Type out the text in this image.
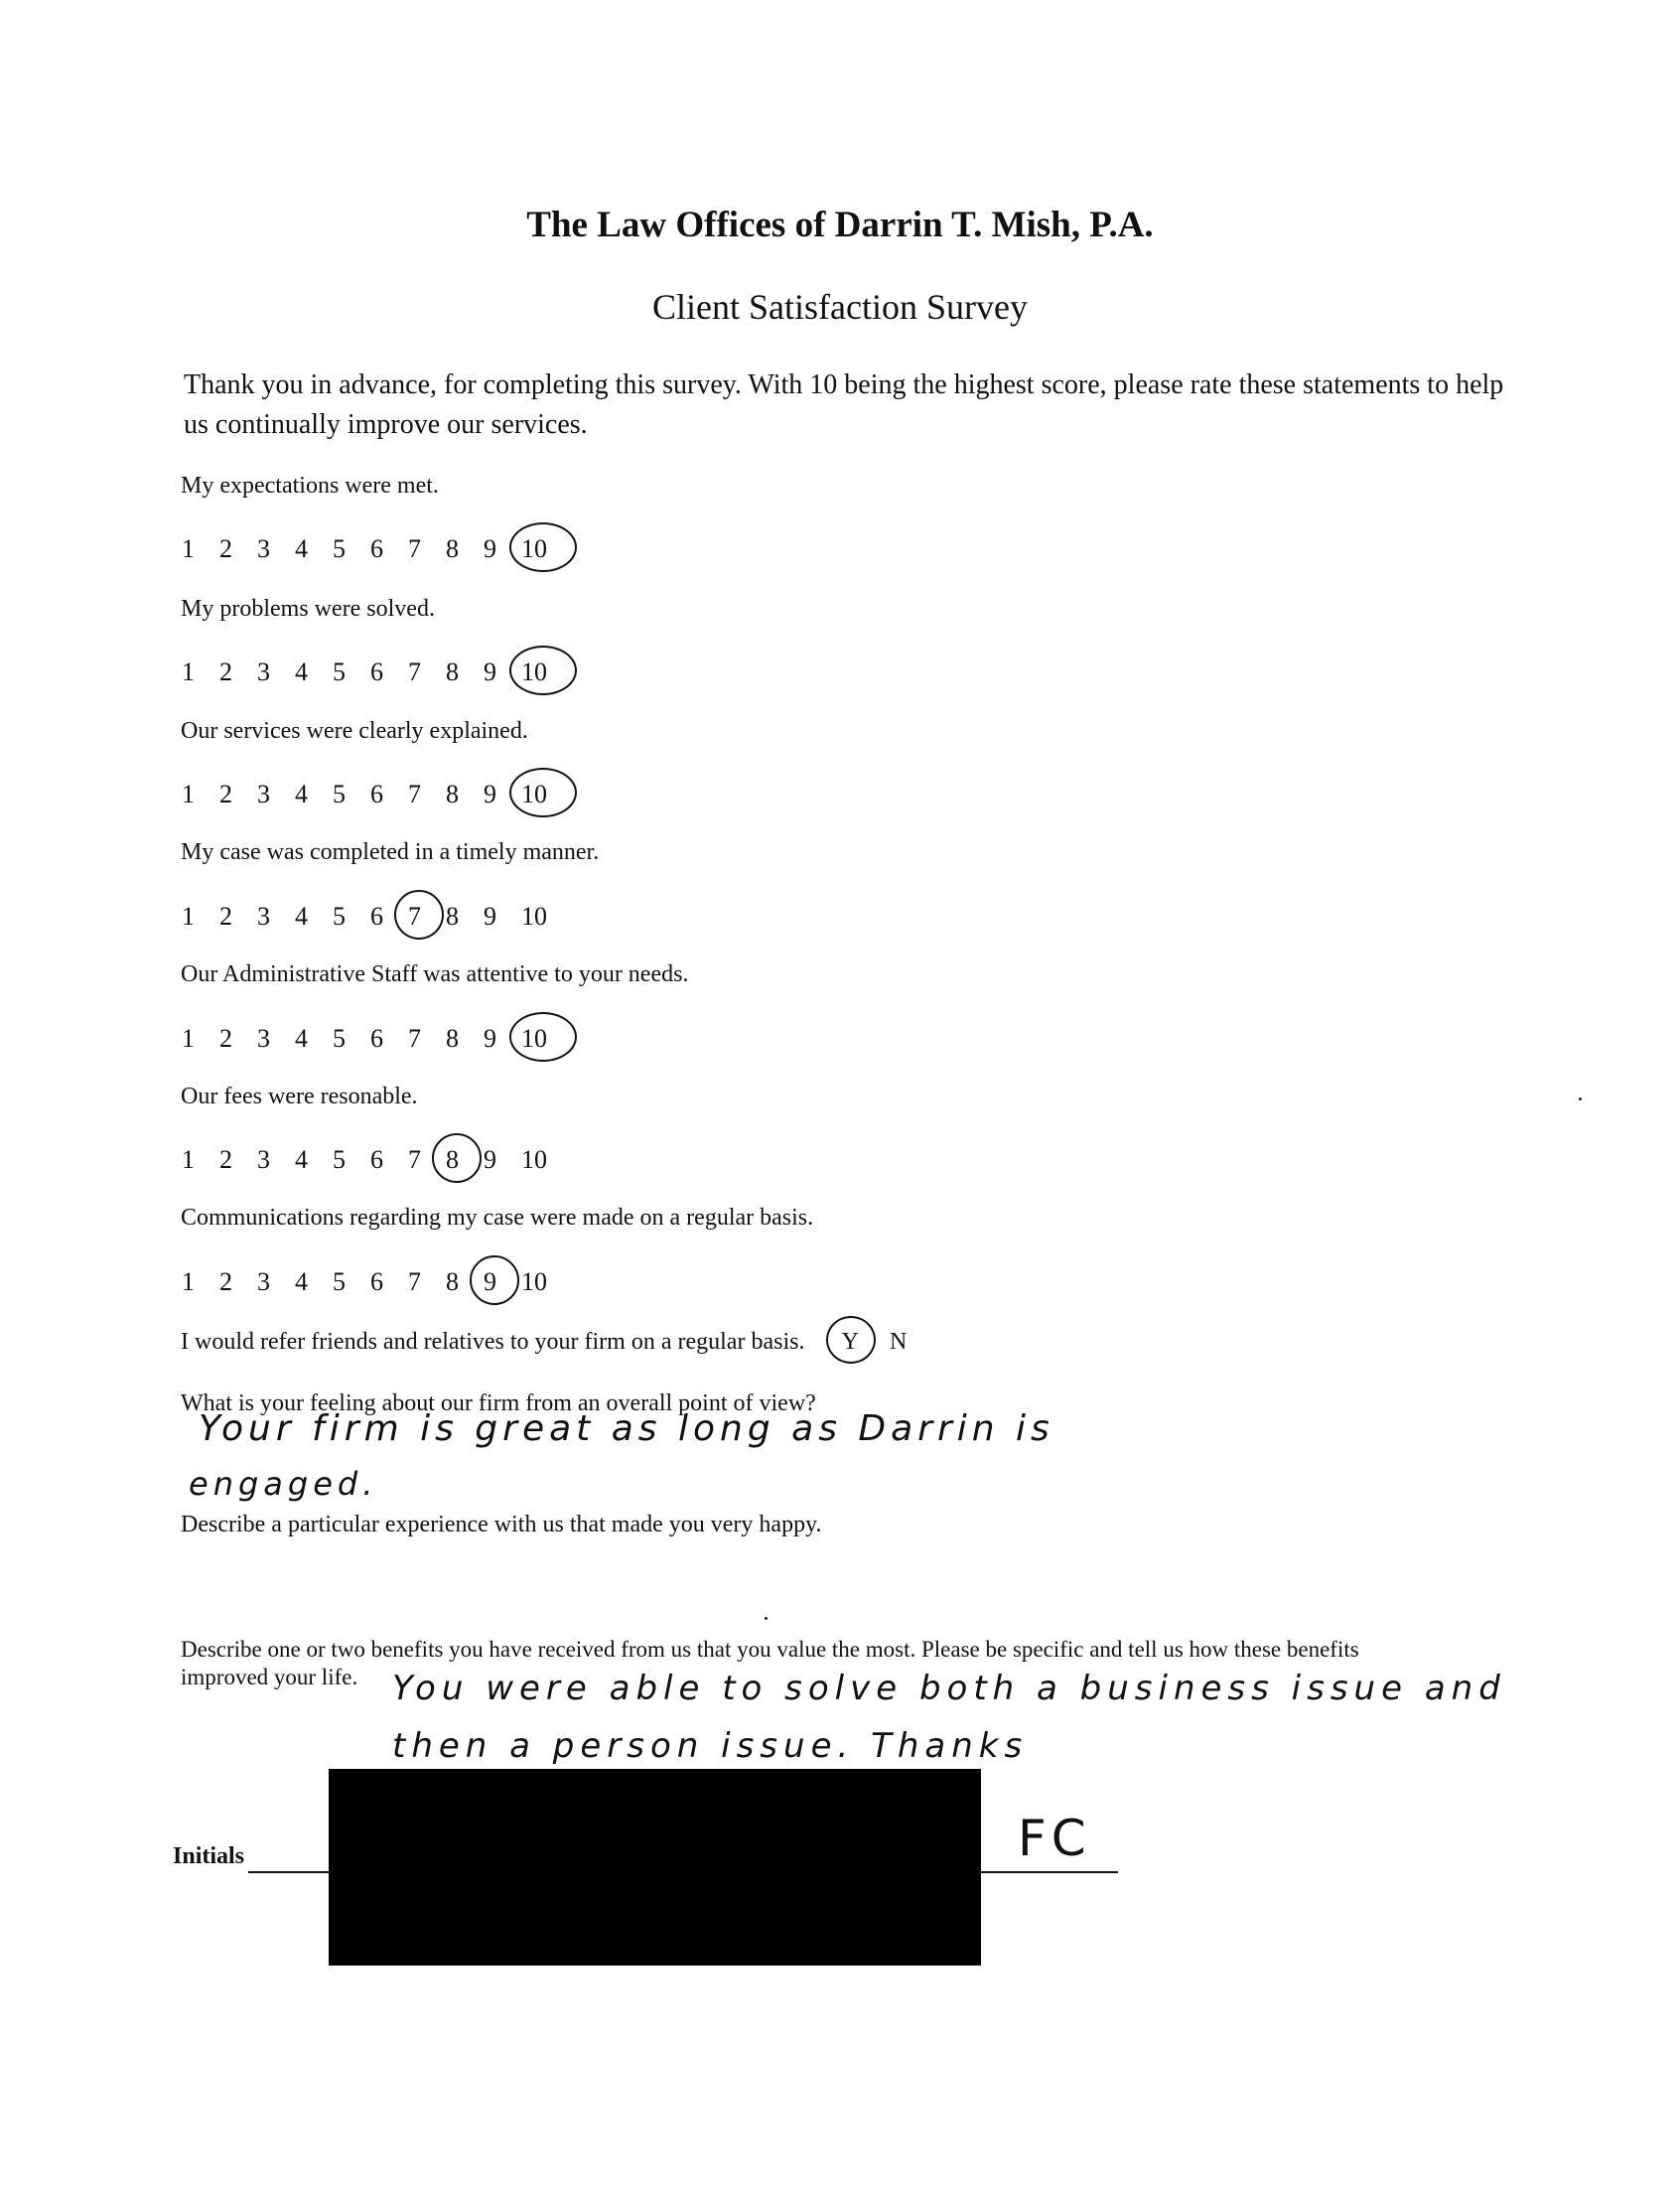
The Law Offices of Darrin T. Mish, P.A.
Client Satisfaction Survey
Thank you in advance, for completing this survey. With 10 being the highest score, please rate these statements to help us continually improve our services.
My expectations were met.
1 2 3 4 5 6 7 8 9 10
My problems were solved.
1 2 3 4 5 6 7 8 9 10
Our services were clearly explained.
1 2 3 4 5 6 7 8 9 10
My case was completed in a timely manner.
1 2 3 4 5 6 7 8 9 10
Our Administrative Staff was attentive to your needs.
1 2 3 4 5 6 7 8 9 10
Our fees were resonable.
1 2 3 4 5 6 7 8 9 10
Communications regarding my case were made on a regular basis.
1 2 3 4 5 6 7 8 9 10
I would refer friends and relatives to your firm on a regular basis. Y N
What is your feeling about our firm from an overall point of view?
Your firm is great as long as Darrin is
engaged.
Describe a particular experience with us that made you very happy.
Describe one or two benefits you have received from us that you value the most. Please be specific and tell us how these benefits
improved your life. You were able to solve both a business issue and
then a person issue. Thanks
Initials	FC
